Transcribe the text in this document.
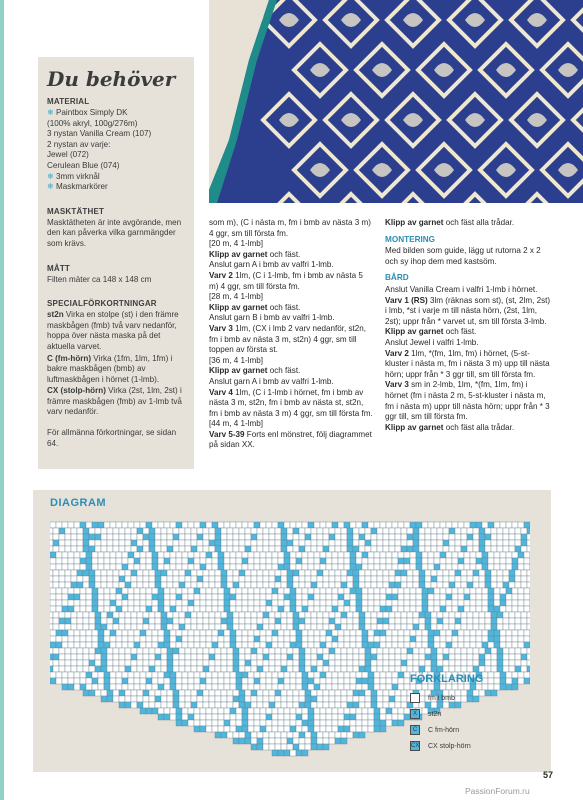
Du behöver
MATERIAL
❄ Paintbox Simply DK
(100% akryl, 100g/276m)
3 nystan Vanilla Cream (107)
2 nystan av varje:
Jewel (072)
Cerulean Blue (074)
❄ 3mm virknål
❄ Maskmarkörer
MASKTÄTHET
Masktätheten är inte avgörande, men den kan påverka vilka garnmängder som krävs.
MÅTT
Filten mäter ca 148 x 148 cm
SPECIALFÖRKORTNINGAR
st2n Virka en stolpe (st) i den främre maskbågen (fmb) två varv nedanför, hoppa över nästa maska på det aktuella varvet.
C (fm-hörn) Virka (1fm, 1lm, 1fm) i bakre maskbågen (bmb) av luftmaskbågen i hörnet (1-lmb).
CX (stolp-hörn) Virka (2st, 1lm, 2st) i främre maskbågen (fmb) av 1-lmb två varv nedanför.
För allmänna förkortningar, se sidan 64.
som m), (C i nästa m, fm i bmb av nästa 3 m) 4 ggr, sm till första fm.
[20 m, 4 1-lmb]
Klipp av garnet och fäst.
Anslut garn A i bmb av valfri 1-lmb.
Varv 2 1lm, (C i 1-lmb, fm i bmb av nästa 5 m) 4 ggr, sm till första fm.
[28 m, 4 1-lmb]
Klipp av garnet och fäst.
Anslut garn B i bmb av valfri 1-lmb.
Varv 3 1lm, (CX i lmb 2 varv nedanför, st2n, fm i bmb av nästa 3 m, st2n) 4 ggr, sm till toppen av första st.
[36 m, 4 1-lmb]
Klipp av garnet och fäst.
Anslut garn A i bmb av valfri 1-lmb.
Varv 4 1lm, (C i 1-lmb i hörnet, fm i bmb av nästa 3 m, st2n, fm i bmb av nästa st, st2n, fm i bmb av nästa 3 m) 4 ggr, sm till första fm.
[44 m, 4 1-lmb]
Varv 5-39 Forts enl mönstret, följ diagrammet på sidan XX.
Klipp av garnet och fäst alla trådar.
MONTERING
Med bilden som guide, lägg ut rutorna 2 x 2 och sy ihop dem med kastsöm.
BÅRD
Anslut Vanilla Cream i valfri 1-lmb i hörnet.
Varv 1 (RS) 3lm (räknas som st), (st, 2lm, 2st) i lmb, *st i varje m till nästa hörn, (2st, 1lm, 2st); uppr från * varvet ut, sm till första 3-lmb.
Klipp av garnet och fäst.
Anslut Jewel i valfri 1-lmb.
Varv 2 1lm, *(fm, 1lm, fm) i hörnet, (5-st-kluster i nästa m, fm i nästa 3 m) upp till nästa hörn; uppr från * 3 ggr till, sm till första fm.
Varv 3 sm in 2-lmb, 1lm, *(fm, 1lm, fm) i hörnet (fm i nästa 2 m, 5-st-kluster i nästa m, fm i nästa m) uppr till nästa hörn; uppr från * 3 ggr till, sm till första fm.
Klipp av garnet och fäst alla trådar.
DIAGRAM
FÖRKLARING
fm i bmb
X	st2n
C	C fm-hörn
CX CX stolp-hörn
57
PassionForum.ru
